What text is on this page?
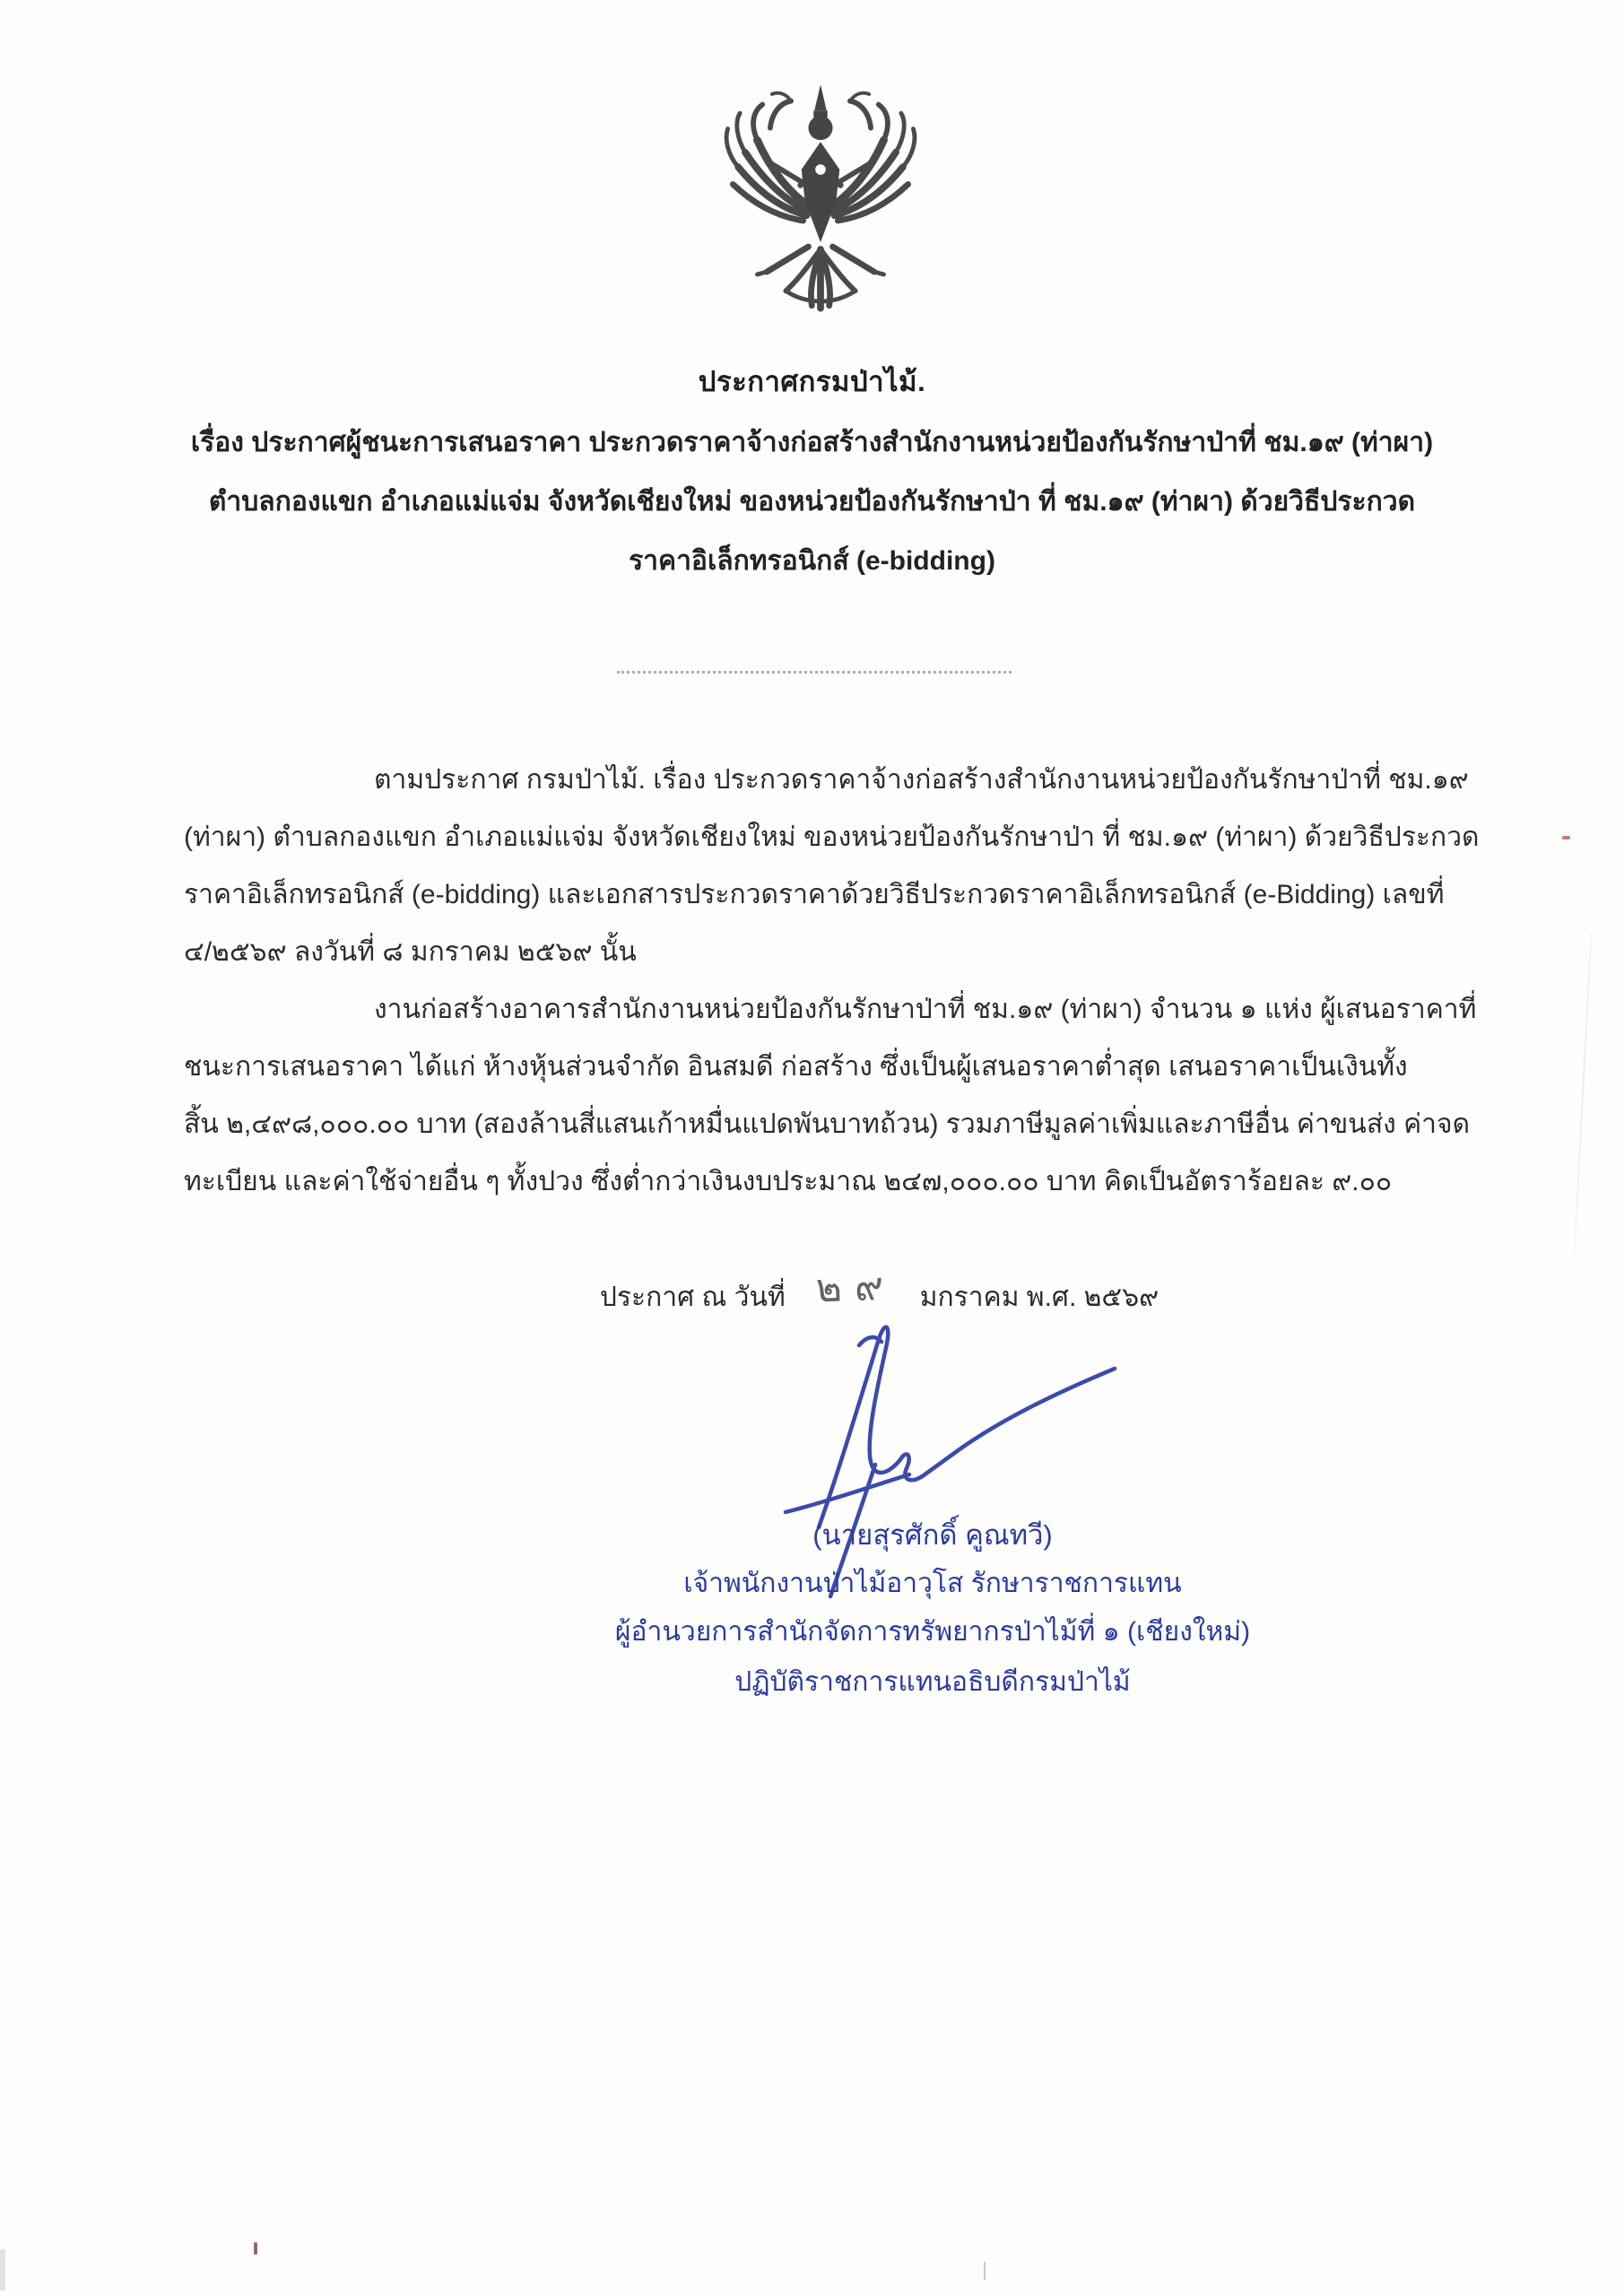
ประกาศกรมป่าไม้.
เรื่อง ประกาศผู้ชนะการเสนอราคา ประกวดราคาจ้างก่อสร้างสำนักงานหน่วยป้องกันรักษาป่าที่ ชม.๑๙ (ท่าผา)
ตำบลกองแขก อำเภอแม่แจ่ม จังหวัดเชียงใหม่ ของหน่วยป้องกันรักษาป่า ที่ ชม.๑๙ (ท่าผา) ด้วยวิธีประกวด
ราคาอิเล็กทรอนิกส์ (e-bidding)
ตามประกาศ กรมป่าไม้. เรื่อง ประกวดราคาจ้างก่อสร้างสำนักงานหน่วยป้องกันรักษาป่าที่ ชม.๑๙
(ท่าผา) ตำบลกองแขก อำเภอแม่แจ่ม จังหวัดเชียงใหม่ ของหน่วยป้องกันรักษาป่า ที่ ชม.๑๙ (ท่าผา) ด้วยวิธีประกวด
ราคาอิเล็กทรอนิกส์ (e-bidding) และเอกสารประกวดราคาด้วยวิธีประกวดราคาอิเล็กทรอนิกส์ (e-Bidding) เลขที่
๔/๒๕๖๙ ลงวันที่ ๘ มกราคม ๒๕๖๙ นั้น
งานก่อสร้างอาคารสำนักงานหน่วยป้องกันรักษาป่าที่ ชม.๑๙ (ท่าผา) จำนวน ๑ แห่ง ผู้เสนอราคาที่
ชนะการเสนอราคา ได้แก่ ห้างหุ้นส่วนจำกัด อินสมดี ก่อสร้าง ซึ่งเป็นผู้เสนอราคาต่ำสุด เสนอราคาเป็นเงินทั้ง
สิ้น ๒,๔๙๘,๐๐๐.๐๐ บาท (สองล้านสี่แสนเก้าหมื่นแปดพันบาทถ้วน) รวมภาษีมูลค่าเพิ่มและภาษีอื่น ค่าขนส่ง ค่าจด
ทะเบียน และค่าใช้จ่ายอื่น ๆ ทั้งปวง ซึ่งต่ำกว่าเงินงบประมาณ ๒๔๗,๐๐๐.๐๐ บาท คิดเป็นอัตราร้อยละ ๙.๐๐
ประกาศ ณ วันที่ ๒๙ มกราคม พ.ศ. ๒๕๖๙
(นายสุรศักดิ์ คูณทวี)
เจ้าพนักงานป่าไม้อาวุโส รักษาราชการแทน
ผู้อำนวยการสำนักจัดการทรัพยากรป่าไม้ที่ ๑ (เชียงใหม่)
ปฏิบัติราชการแทนอธิบดีกรมป่าไม้
